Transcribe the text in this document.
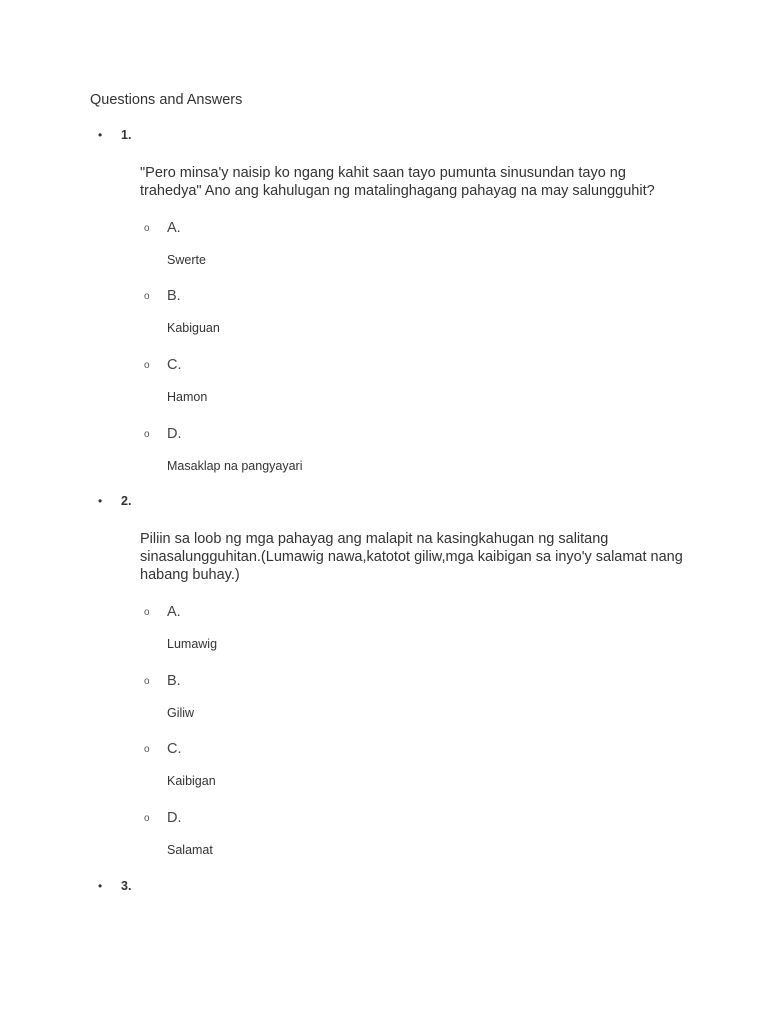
Questions and Answers
• 1.
"Pero minsa'y naisip ko ngang kahit saan tayo pumunta sinusundan tayo ng trahedya" Ano ang kahulugan ng matalinghagang pahayag na may salungguhit?
o A.
Swerte
o B.
Kabiguan
o C.
Hamon
o D.
Masaklap na pangyayari
• 2.
Piliin sa loob ng mga pahayag ang malapit na kasingkahugan ng salitang sinasalungguhitan.(Lumawig nawa,katotot giliw,mga kaibigan sa inyo'y salamat nang habang buhay.)
o A.
Lumawig
o B.
Giliw
o C.
Kaibigan
o D.
Salamat
• 3.
